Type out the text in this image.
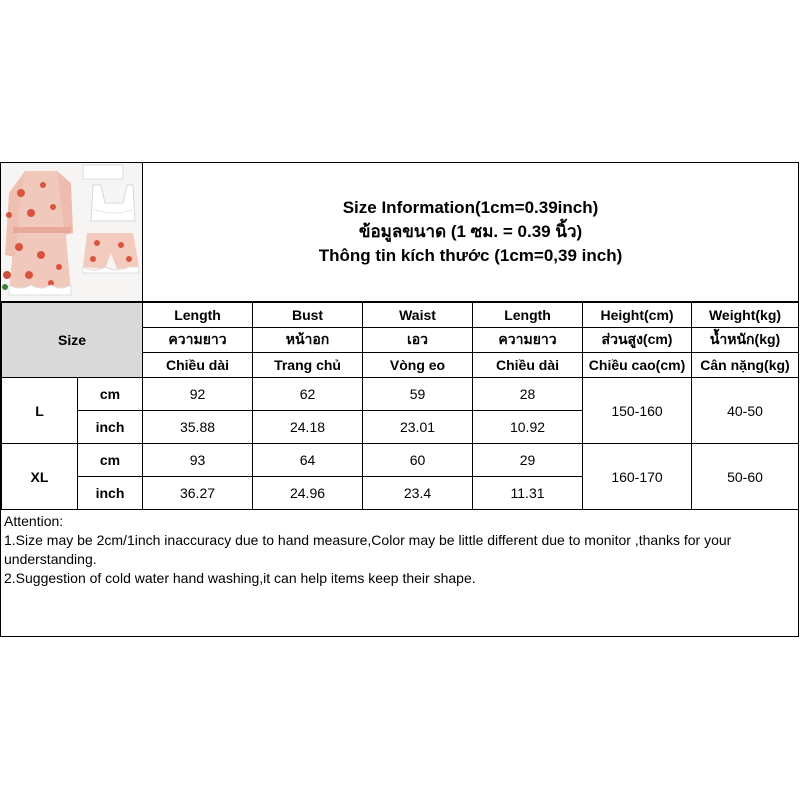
Size Information(1cm=0.39inch)
ข้อมูลขนาด (1 ซม. = 0.39 นิ้ว)
Thông tin kích thước (1cm=0,39 inch)
Size		Length	Bust	Waist	Length	Height(cm)	Weight(kg)
		ความยาว	หน้าอก	เอว	ความยาว	ส่วนสูง(cm)	น้ำหนัก(kg)
		Chiều dài	Trang chủ	Vòng eo	Chiều dài	Chiều cao(cm)	Cân nặng(kg)
L	cm	92	62	59	28	150-160	40-50
	inch	35.88	24.18	23.01	10.92		
XL	cm	93	64	60	29	160-170	50-60
	inch	36.27	24.96	23.4	11.31		
Attention:
1.Size may be 2cm/1inch inaccuracy due to hand measure,Color may be little different due to monitor ,thanks for your understanding.
2.Suggestion of cold water hand washing,it can help items keep their shape.
